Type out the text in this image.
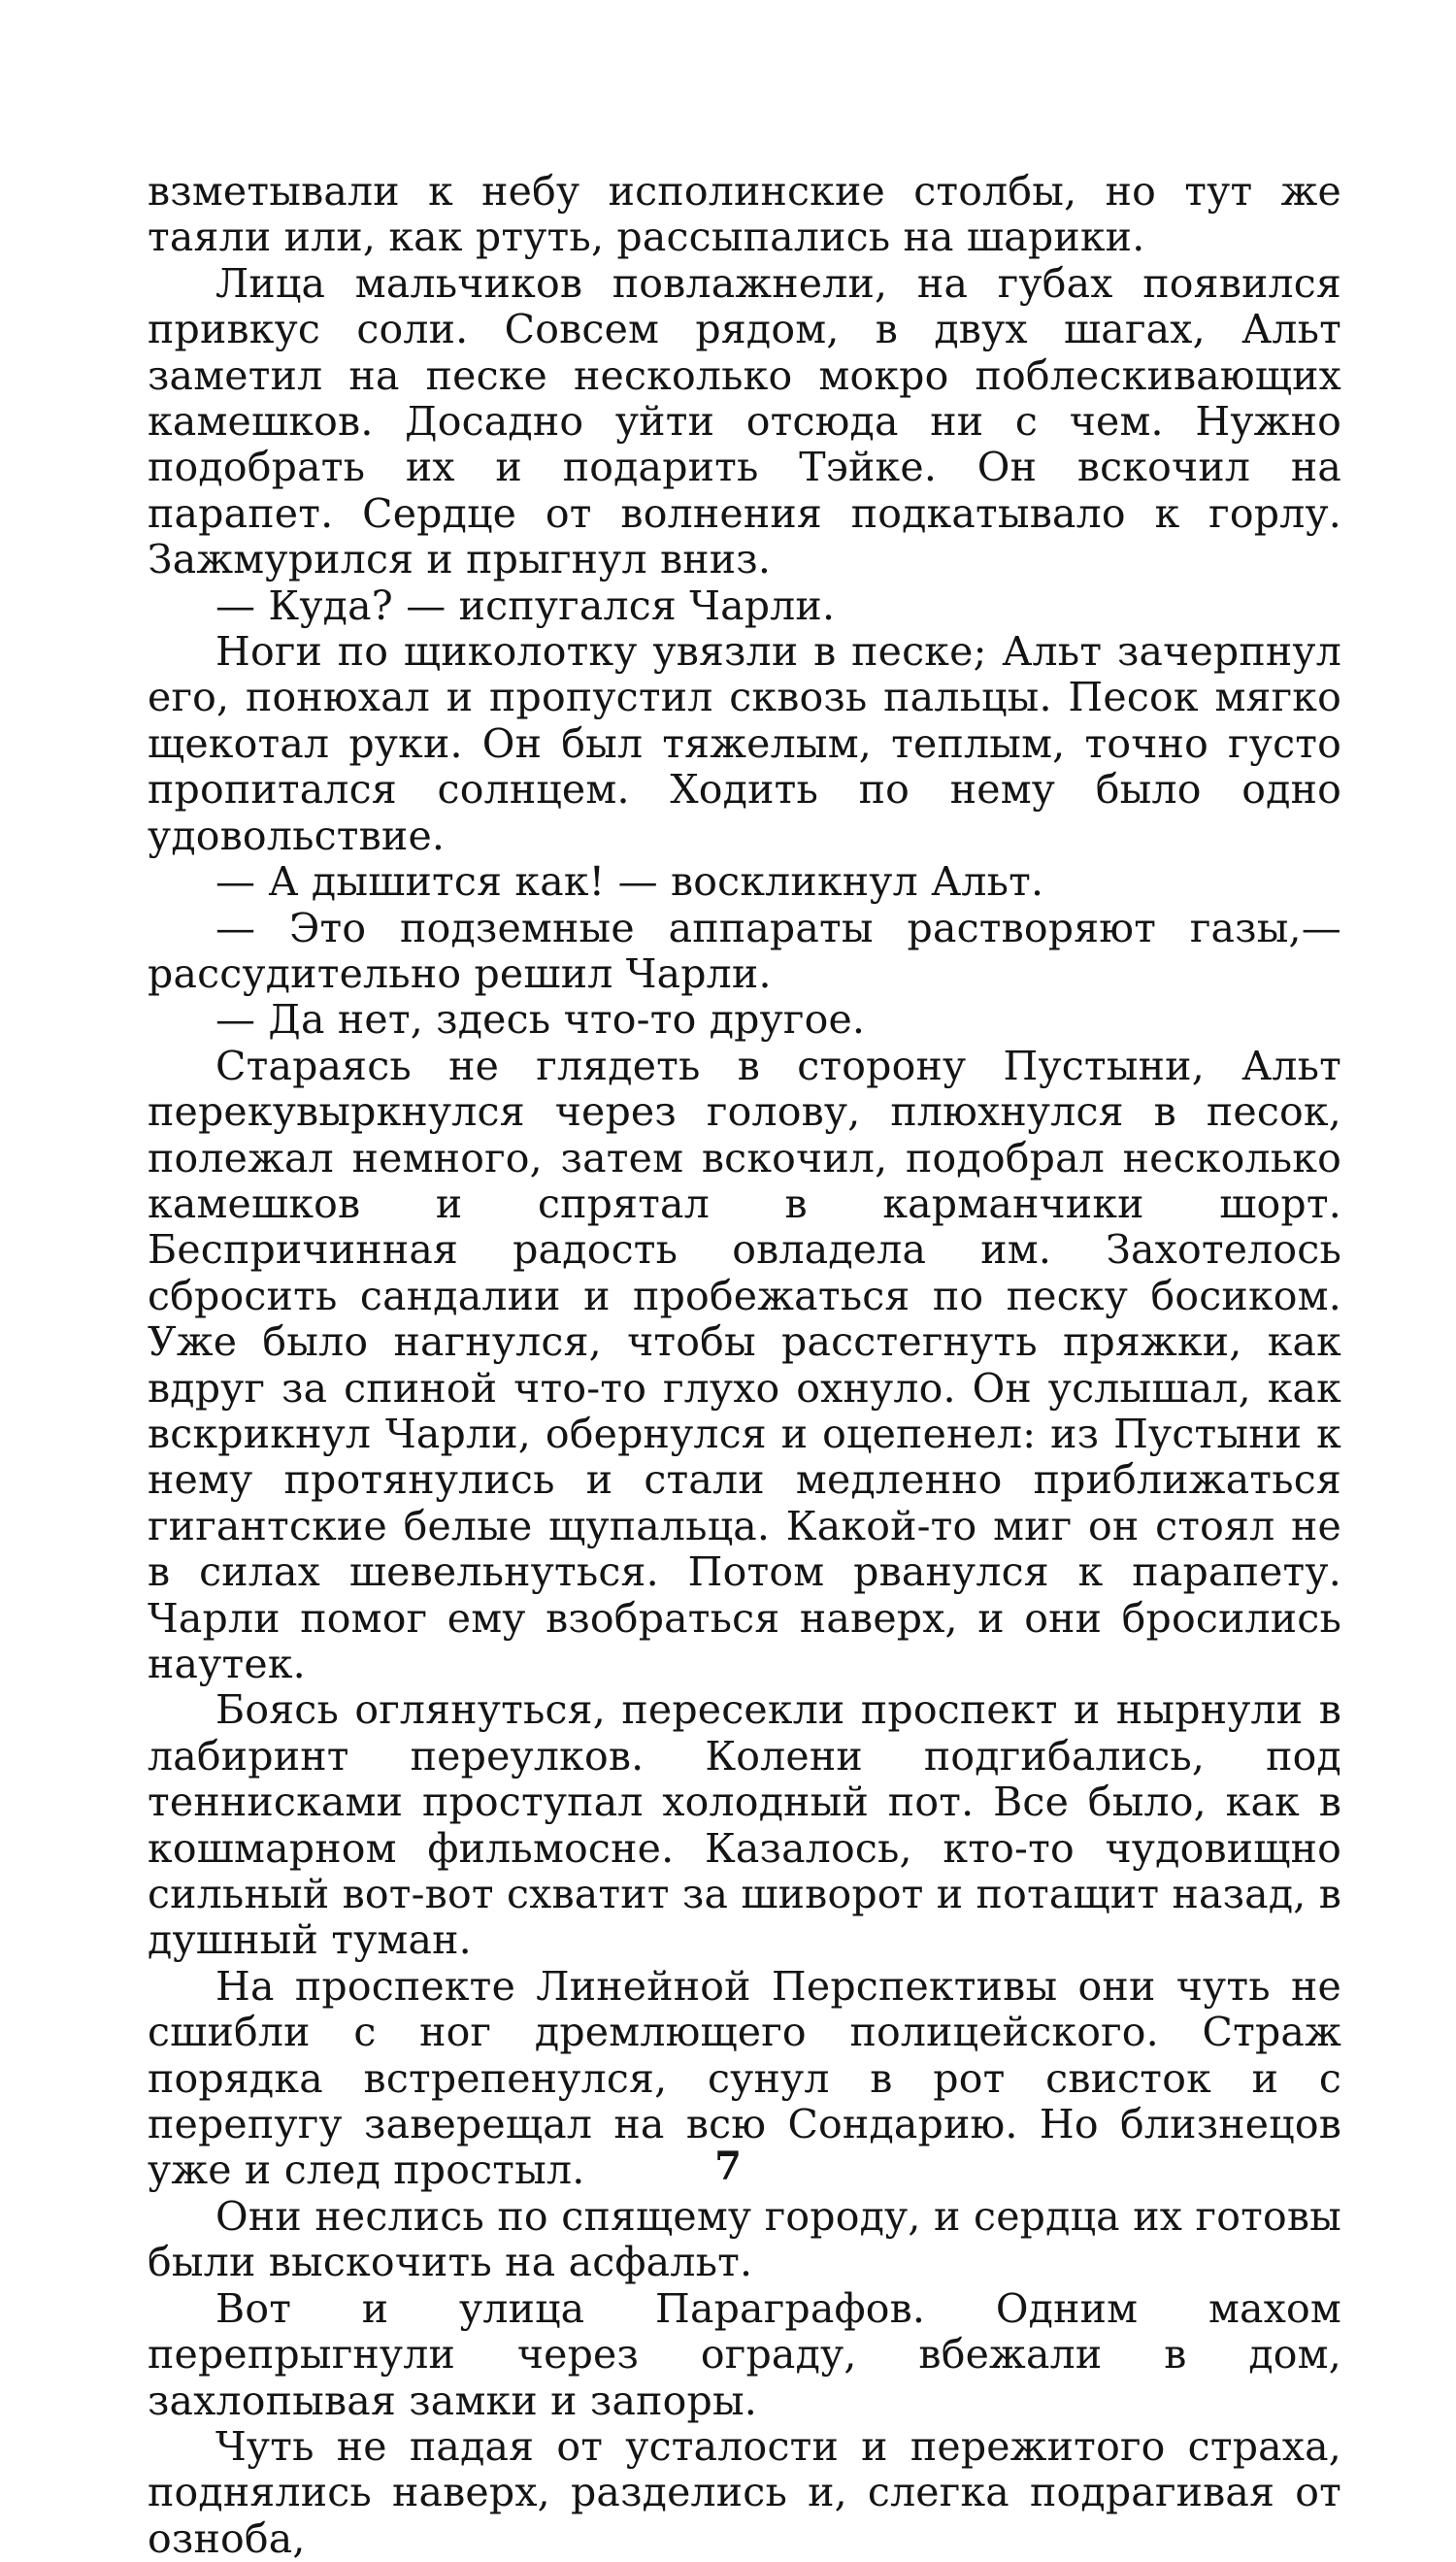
взметывали к небу исполинские столбы, но тут же таяли или, как ртуть, рассыпались на шарики.

Лица мальчиков повлажнели, на губах появился привкус соли. Совсем рядом, в двух шагах, Альт заметил на песке несколько мокро поблескивающих камешков. Досадно уйти отсюда ни с чем. Нужно подобрать их и подарить Тэйке. Он вскочил на парапет. Сердце от волнения подкатывало к горлу. Зажмурился и прыгнул вниз.

— Куда? — испугался Чарли.

Ноги по щиколотку увязли в песке; Альт зачерпнул его, понюхал и пропустил сквозь пальцы. Песок мягко щекотал руки. Он был тяжелым, теплым, точно густо пропитался солнцем. Ходить по нему было одно удовольствие.

— А дышится как! — воскликнул Альт.

— Это подземные аппараты растворяют газы,— рассудительно решил Чарли.

— Да нет, здесь что-то другое.

Стараясь не глядеть в сторону Пустыни, Альт перекувыркнулся через голову, плюхнулся в песок, полежал немного, затем вскочил, подобрал несколько камешков и спрятал в карманчики шорт. Беспричинная радость овладела им. Захотелось сбросить сандалии и пробежаться по песку босиком. Уже было нагнулся, чтобы расстегнуть пряжки, как вдруг за спиной что-то глухо охнуло. Он услышал, как вскрикнул Чарли, обернулся и оцепенел: из Пустыни к нему протянулись и стали медленно приближаться гигантские белые щупальца. Какой-то миг он стоял не в силах шевельнуться. Потом рванулся к парапету. Чарли помог ему взобраться наверх, и они бросились наутек.

Боясь оглянуться, пересекли проспект и нырнули в лабиринт переулков. Колени подгибались, под теннисками проступал холодный пот. Все было, как в кошмарном фильмосне. Казалось, кто-то чудовищно сильный вот-вот схватит за шиворот и потащит назад, в душный туман.

На проспекте Линейной Перспективы они чуть не сшибли с ног дремлющего полицейского. Страж порядка встрепенулся, сунул в рот свисток и с перепугу заверещал на всю Сондарию. Но близнецов уже и след простыл.

Они неслись по спящему городу, и сердца их готовы были выскочить на асфальт.

Вот и улица Параграфов. Одним махом перепрыгнули через ограду, вбежали в дом, захлопывая замки и запоры.

Чуть не падая от усталости и пережитого страха, поднялись наверх, разделись и, слегка подрагивая от озноба,

7
